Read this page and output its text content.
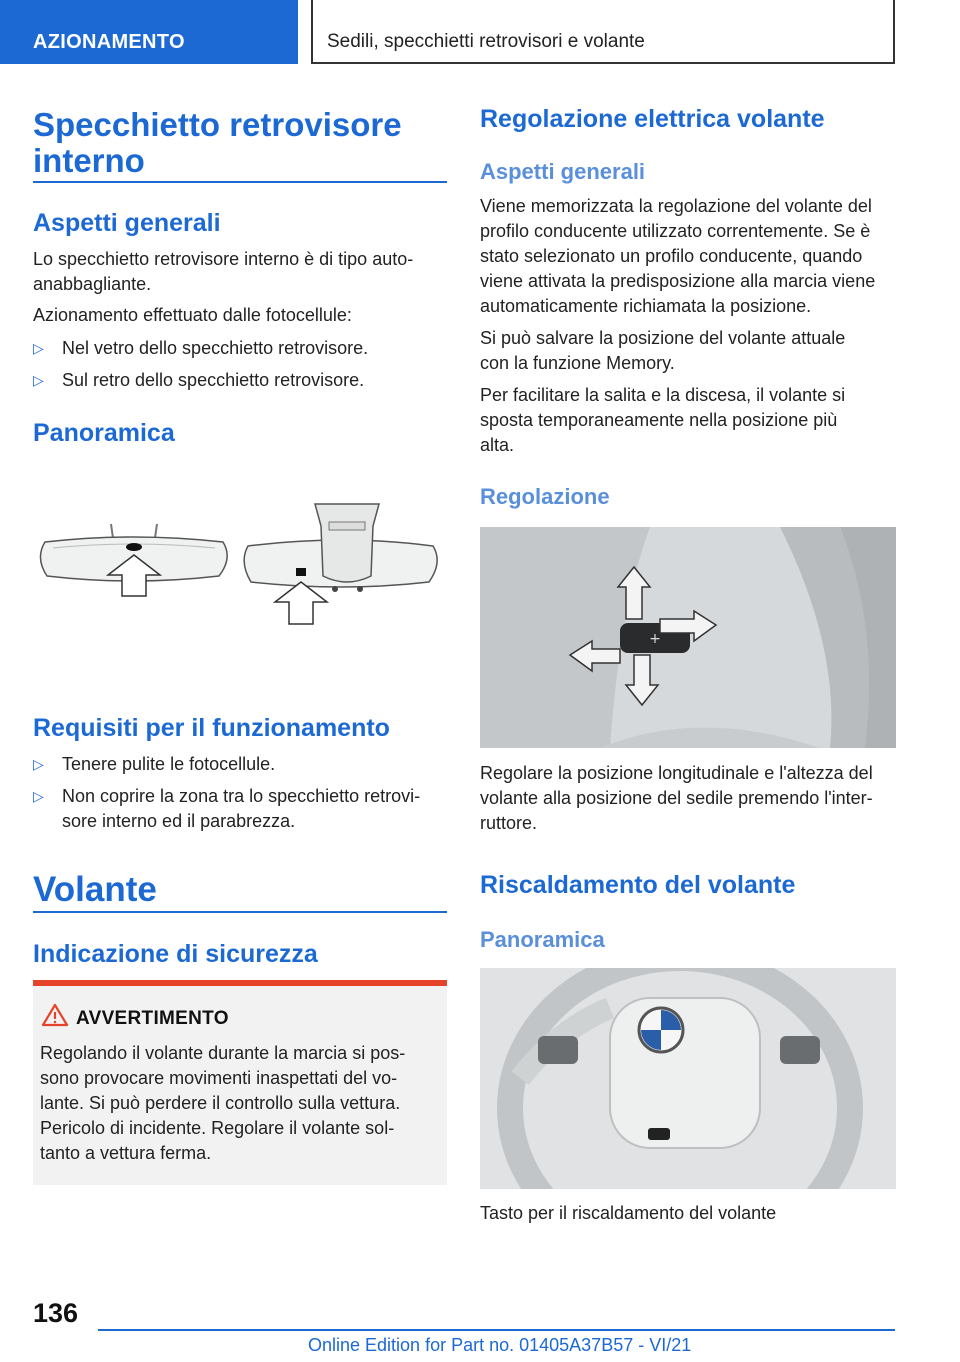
AZIONAMENTO	Sedili, specchietti retrovisori e volante
Specchietto retrovisore
interno
Aspetti generali
Lo specchietto retrovisore interno è di tipo auto-
anabbagliante.
Azionamento effettuato dalle fotocellule:
▷ Nel vetro dello specchietto retrovisore.
▷ Sul retro dello specchietto retrovisore.
Panoramica
Requisiti per il funzionamento
▷ Tenere pulite le fotocellule.
▷ Non coprire la zona tra lo specchietto retrovi-
sore interno ed il parabrezza.
Volante
Indicazione di sicurezza
AVVERTIMENTO
Regolando il volante durante la marcia si pos-
sono provocare movimenti inaspettati del vo-
lante. Si può perdere il controllo sulla vettura.
Pericolo di incidente. Regolare il volante sol-
tanto a vettura ferma.
Regolazione elettrica volante
Aspetti generali
Viene memorizzata la regolazione del volante del
profilo conducente utilizzato correntemente. Se è
stato selezionato un profilo conducente, quando
viene attivata la predisposizione alla marcia viene
automaticamente richiamata la posizione.
Si può salvare la posizione del volante attuale
con la funzione Memory.
Per facilitare la salita e la discesa, il volante si
sposta temporaneamente nella posizione più
alta.
Regolazione
+
Regolare la posizione longitudinale e l'altezza del
volante alla posizione del sedile premendo l'inter-
ruttore.
Riscaldamento del volante
Panoramica
Tasto per il riscaldamento del volante
136
Online Edition for Part no. 01405A37B57 - VI/21
